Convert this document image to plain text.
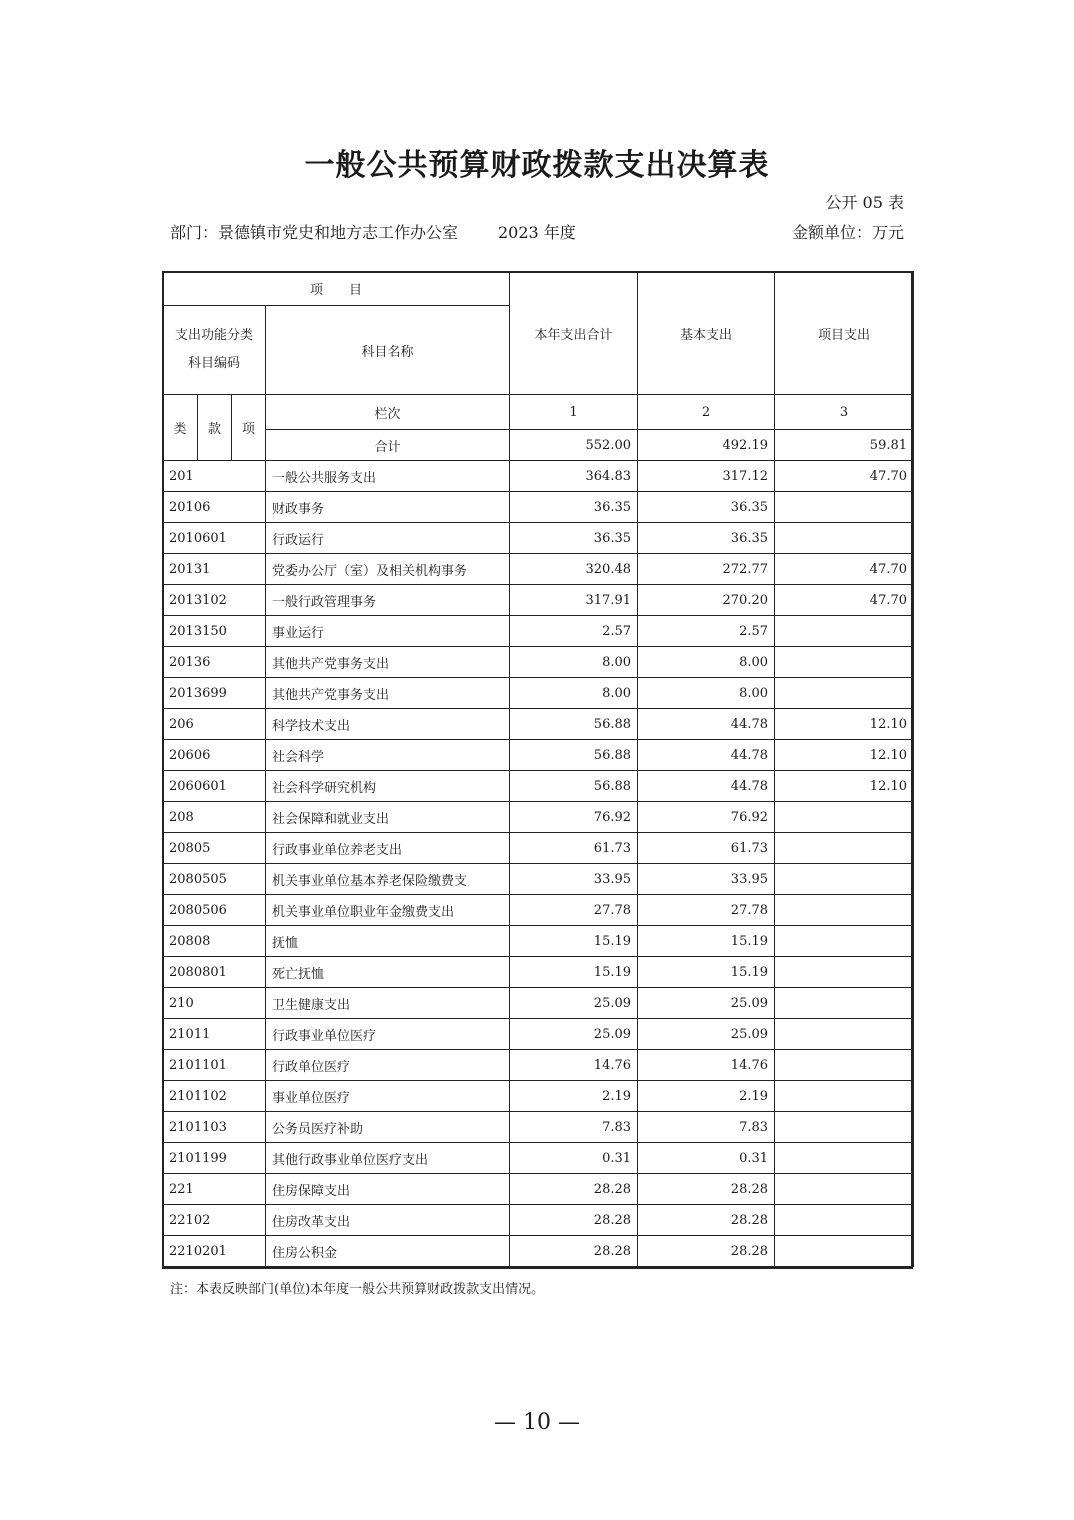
一般公共预算财政拨款支出决算表
公开 05 表
部门：景德镇市党史和地方志工作办公室 2023 年度	金额单位：万元
项　　目				本年支出合计	基本支出	项目支出
支出功能分类科目编码			科目名称			
类	款	项	栏次	1	2	3
			合计	552.00	492.19	59.81
201			一般公共服务支出	364.83	317.12	47.70
20106			财政事务	36.35	36.35	
2010601			行政运行	36.35	36.35	
20131			党委办公厅（室）及相关机构事务	320.48	272.77	47.70
2013102			一般行政管理事务	317.91	270.20	47.70
2013150			事业运行	2.57	2.57	
20136			其他共产党事务支出	8.00	8.00	
2013699			其他共产党事务支出	8.00	8.00	
206			科学技术支出	56.88	44.78	12.10
20606			社会科学	56.88	44.78	12.10
2060601			社会科学研究机构	56.88	44.78	12.10
208			社会保障和就业支出	76.92	76.92	
20805			行政事业单位养老支出	61.73	61.73	
2080505			机关事业单位基本养老保险缴费支	33.95	33.95	
2080506			机关事业单位职业年金缴费支出	27.78	27.78	
20808			抚恤	15.19	15.19	
2080801			死亡抚恤	15.19	15.19	
210			卫生健康支出	25.09	25.09	
21011			行政事业单位医疗	25.09	25.09	
2101101			行政单位医疗	14.76	14.76	
2101102			事业单位医疗	2.19	2.19	
2101103			公务员医疗补助	7.83	7.83	
2101199			其他行政事业单位医疗支出	0.31	0.31	
221			住房保障支出	28.28	28.28	
22102			住房改革支出	28.28	28.28	
2210201			住房公积金	28.28	28.28	
注：本表反映部门(单位)本年度一般公共预算财政拨款支出情况。
— 10 —
